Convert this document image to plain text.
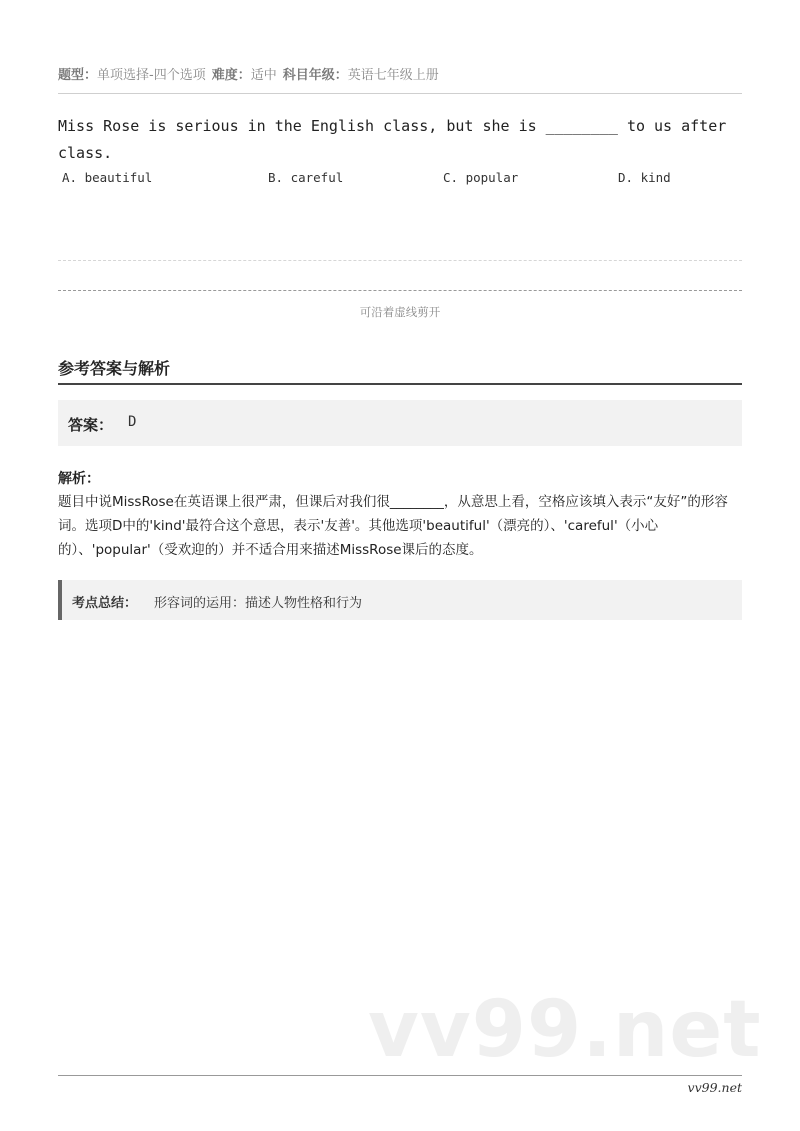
题型：单项选择-四个选项 难度：适中 科目年级：英语七年级上册
Miss Rose is serious in the English class, but she is ________ to us after class.
A. beautiful	B. careful	C. popular	D. kind
可沿着虚线剪开
参考答案与解析
答案： D
解析：
题目中说MissRose在英语课上很严肃，但课后对我们很________，从意思上看，空格应该填入表示“友好”的形容词。选项D中的'kind'最符合这个意思，表示'友善'。其他选项'beautiful'（漂亮的）、'careful'（小心的）、'popular'（受欢迎的）并不适合用来描述MissRose课后的态度。
考点总结： 形容词的运用：描述人物性格和行为
vv99.net
vv99.net
